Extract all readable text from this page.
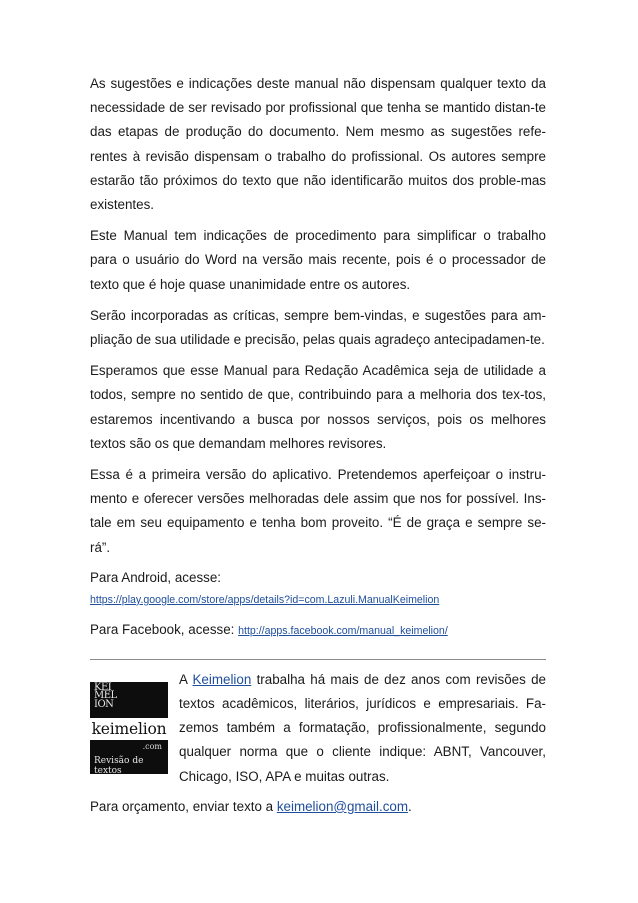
As sugestões e indicações deste manual não dispensam qualquer texto da necessidade de ser revisado por profissional que tenha se mantido distan-te das etapas de produção do documento. Nem mesmo as sugestões refe-rentes à revisão dispensam o trabalho do profissional. Os autores sempre estarão tão próximos do texto que não identificarão muitos dos proble-mas existentes.

Este Manual tem indicações de procedimento para simplificar o trabalho para o usuário do Word na versão mais recente, pois é o processador de texto que é hoje quase unanimidade entre os autores.

Serão incorporadas as críticas, sempre bem-vindas, e sugestões para am-pliação de sua utilidade e precisão, pelas quais agradeço antecipadamen-te.

Esperamos que esse Manual para Redação Acadêmica seja de utilidade a todos, sempre no sentido de que, contribuindo para a melhoria dos tex-tos, estaremos incentivando a busca por nossos serviços, pois os melhores textos são os que demandam melhores revisores.

Essa é a primeira versão do aplicativo. Pretendemos aperfeiçoar o instru-mento e oferecer versões melhoradas dele assim que nos for possível. Ins-tale em seu equipamento e tenha bom proveito. “É de graça e sempre se-rá”.

Para Android, acesse:

https://play.google.com/store/apps/details?id=com.Lazuli.ManualKeimelion

Para Facebook, acesse: http://apps.facebook.com/manual_keimelion/

KEI
MEL
ION
keimelion
.com
Revisão de textos

A Keimelion trabalha há mais de dez anos com revisões de textos acadêmicos, literários, jurídicos e empresariais. Fa-zemos também a formatação, profissionalmente, segundo qualquer norma que o cliente indique: ABNT, Vancouver, Chicago, ISO, APA e muitas outras.

Para orçamento, enviar texto a keimelion@gmail.com.
